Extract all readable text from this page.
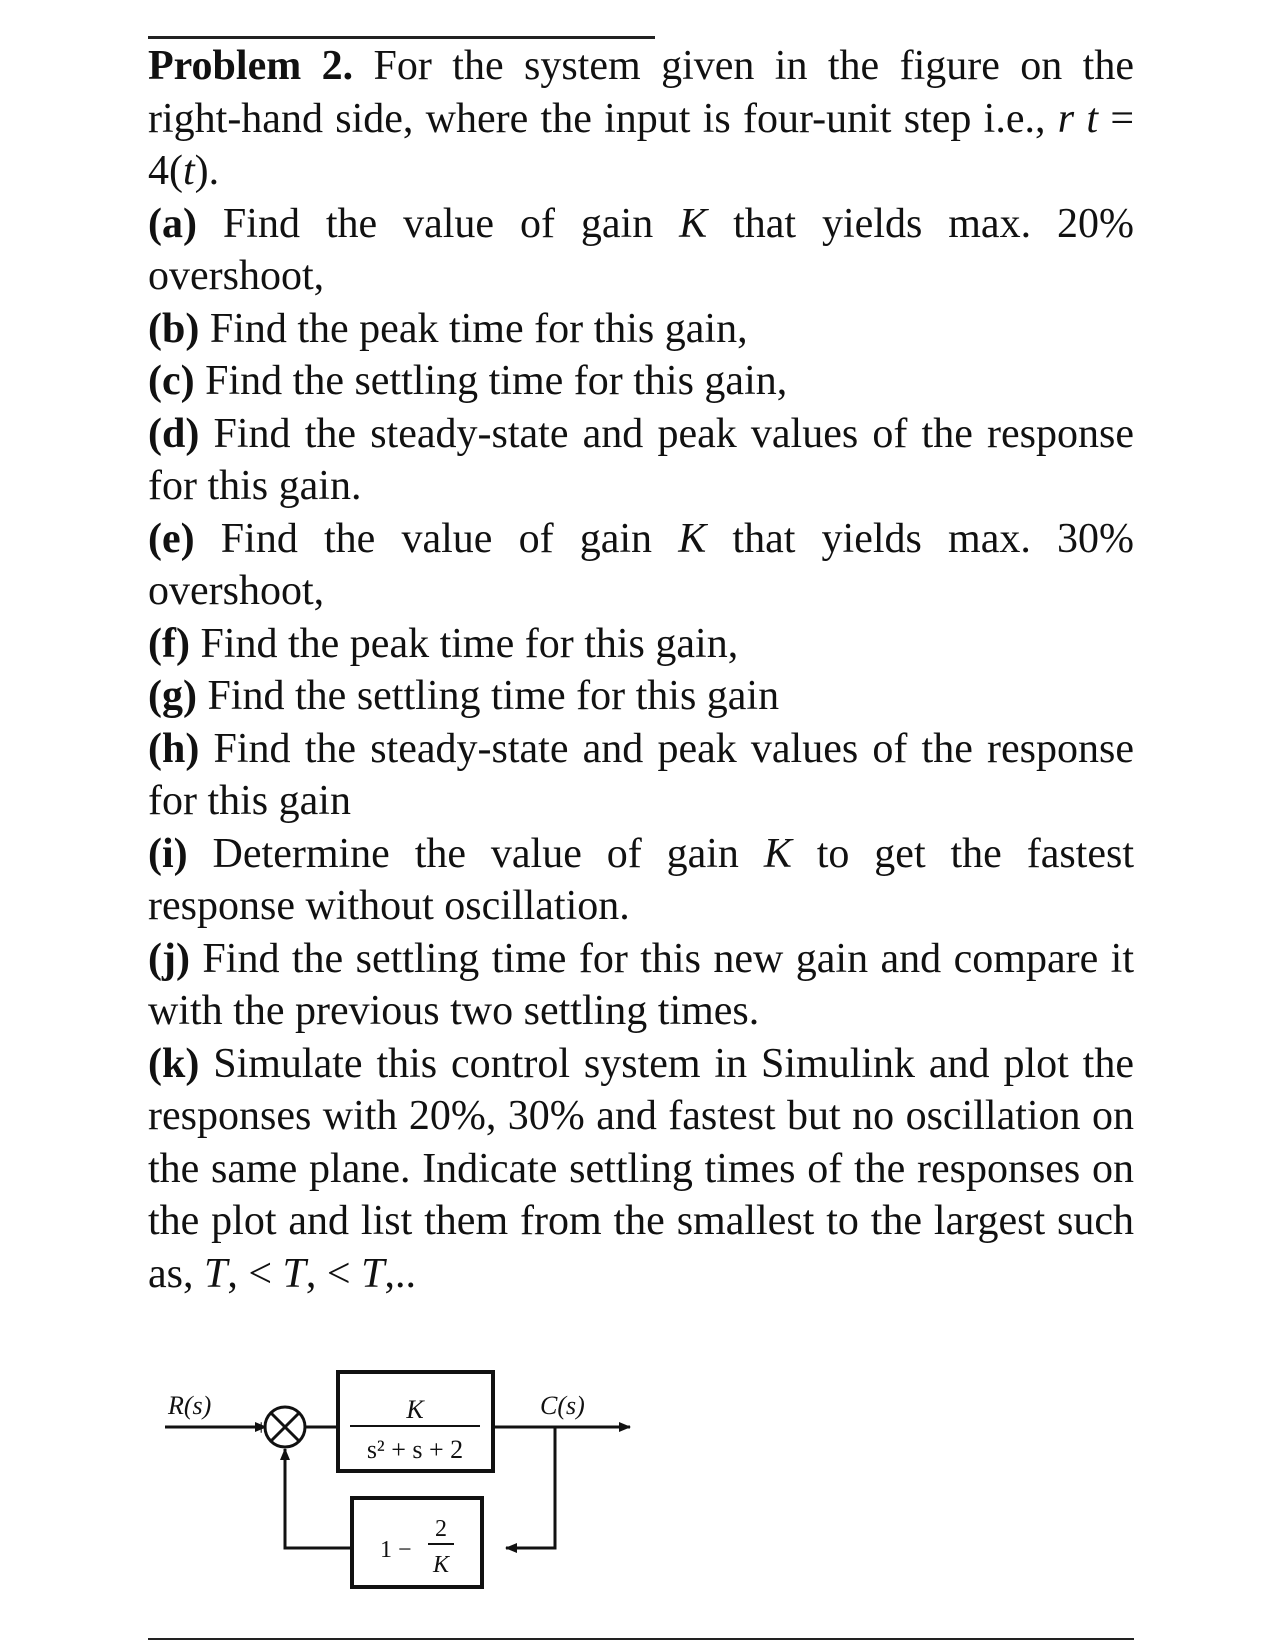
Problem 2. For the system given in the figure on the right-hand side, where the input is four-unit step i.e., r t = 4(t).

(a) Find the value of gain K that yields max. 20% overshoot,

(b) Find the peak time for this gain,

(c) Find the settling time for this gain,

(d) Find the steady-state and peak values of the response for this gain.

(e) Find the value of gain K that yields max. 30% overshoot,

(f) Find the peak time for this gain,

(g) Find the settling time for this gain

(h) Find the steady-state and peak values of the response for this gain

(i) Determine the value of gain K to get the fastest response without oscillation.

(j) Find the settling time for this new gain and compare it with the previous two settling times.

(k) Simulate this control system in Simulink and plot the responses with 20%, 30% and fastest but no oscillation on the same plane. Indicate settling times of the responses on the plot and list them from the smallest to the largest such as, T, < T, < T,..

R(s)
+
K
s² + s + 2
C(s)
1 −
2
K
